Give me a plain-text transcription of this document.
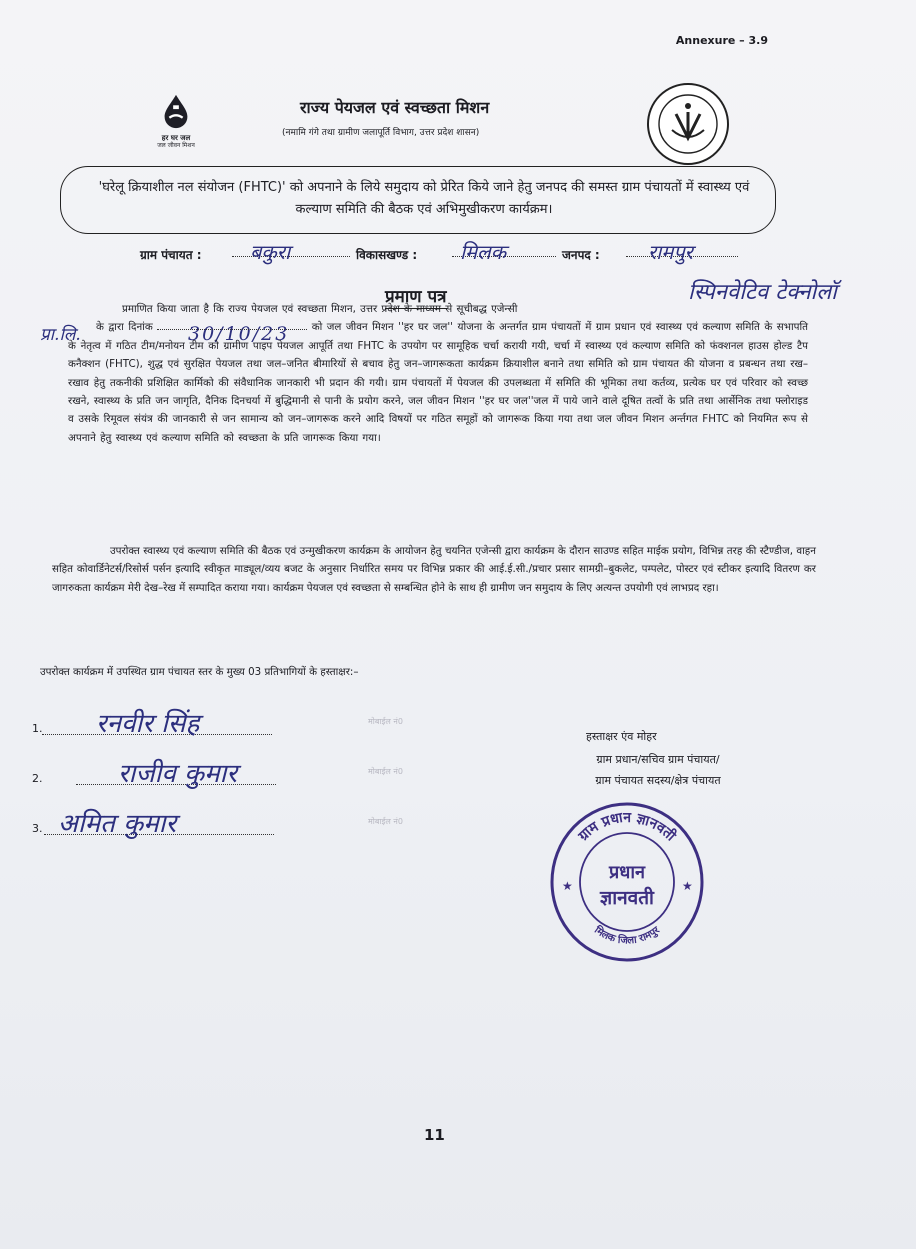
Annexure – 3.9
हर घर जल
जल जीवन मिशन
राज्य पेयजल एवं स्वच्छता मिशन
(नमामि गंगे तथा ग्रामीण जलापूर्ति विभाग, उत्तर प्रदेश शासन)
'घरेलू क्रियाशील नल संयोजन (FHTC)' को अपनाने के लिये समुदाय को प्रेरित किये जाने हेतु जनपद की समस्त ग्राम पंचायतों में स्वास्थ्य एवं कल्याण समिति की बैठक एवं अभिमुखीकरण कार्यक्रम।
ग्राम पंचायत : बकुरा	विकासखण्ड : मिलक	जनपद : रामपुर
प्रमाण पत्र	स्पिनवेटिव टेक्नोलॉ
प्रा.लि.	30/10/23
प्रमाणित किया जाता है कि राज्य पेयजल एवं स्वच्छता मिशन, उत्तर प्रदेश के माध्यम से सूचीबद्ध एजेन्सी
के द्वारा दिनांक	को जल जीवन मिशन ''हर घर जल'' योजना के अन्तर्गत ग्राम पंचायतों में ग्राम प्रधान एवं स्वास्थ्य एवं कल्याण समिति के सभापति के नेतृत्व में गठित टीम/मनोयन टीम को ग्रामीण पाइप पेयजल आपूर्ति तथा FHTC के उपयोग पर सामूहिक चर्चा करायी गयी, चर्चा में स्वास्थ्य एवं कल्याण समिति को फंक्शनल हाउस होल्ड टैप कनैक्शन (FHTC), शुद्ध एवं सुरक्षित पेयजल तथा जल–जनित बीमारियों से बचाव हेतु जन–जागरूकता कार्यक्रम क्रियाशील बनाने तथा समिति को ग्राम पंचायत की योजना व प्रबन्धन तथा रख–रखाव हेतु तकनीकी प्रशिक्षित कार्मिको की संवैधानिक जानकारी भी प्रदान की गयी। ग्राम पंचायतों में पेयजल की उपलब्धता में समिति की भूमिका तथा कर्तव्य, प्रत्येक घर एवं परिवार को स्वच्छ रखने, स्वास्थ्य के प्रति जन जागृति, दैनिक दिनचर्या में बुद्धिमानी से पानी के प्रयोग करने, जल जीवन मिशन ''हर घर जल''जल में पाये जाने वाले दूषित तत्वों के प्रति तथा आर्सेनिक तथा फ्लोराइड व उसके रिमूवल संयंत्र की जानकारी से जन सामान्य को जन–जागरूक करने आदि विषयों पर गठित समूहों को जागरूक किया गया तथा जल जीवन मिशन अर्न्तगत FHTC को नियमित रूप से अपनाने हेतु स्वास्थ्य एवं कल्याण समिति को स्वच्छता के प्रति जागरूक किया गया।
उपरोक्त स्वास्थ्य एवं कल्याण समिति की बैठक एवं उन्मुखीकरण कार्यक्रम के आयोजन हेतु चयनित एजेन्सी द्वारा कार्यक्रम के दौरान साउण्ड सहित माईक प्रयोग, विभिन्न तरह की स्टैण्डीज, वाहन सहित कोवार्डिनेटर्स/रिसोर्स पर्सन इत्यादि स्वीकृत माड्यूल/व्यय बजट के अनुसार निर्धारित समय पर विभिन्न प्रकार की आई.ई.सी./प्रचार प्रसार सामग्री–बुकलेट, पम्पलेट, पोस्टर एवं स्टीकर इत्यादि वितरण कर जागरुकता कार्यक्रम मेरी देख–रेख में सम्पादित कराया गया। कार्यक्रम पेयजल एवं स्वच्छता से सम्बन्धित होने के साथ ही ग्रामीण जन समुदाय के लिए अत्यन्त उपयोगी एवं लाभप्रद रहा।
उपरोक्त कार्यक्रम में उपस्थित ग्राम पंचायत स्तर के मुख्य 03 प्रतिभागियों के हस्ताक्षर:–
1. रनवीर सिंह	मोबाईल नं0
2.	राजीव कुमार	मोबाईल नं0
3. अमित कुमार	मोबाईल नं0
हस्ताक्षर एंव मोहर
ग्राम प्रधान/सचिव ग्राम पंचायत/
ग्राम पंचायत सदस्य/क्षेत्र पंचायत
ग्राम प्रधान ज्ञानवती
मिलक जिला रामपुर
प्रधान
ज्ञानवती
★	★
11
